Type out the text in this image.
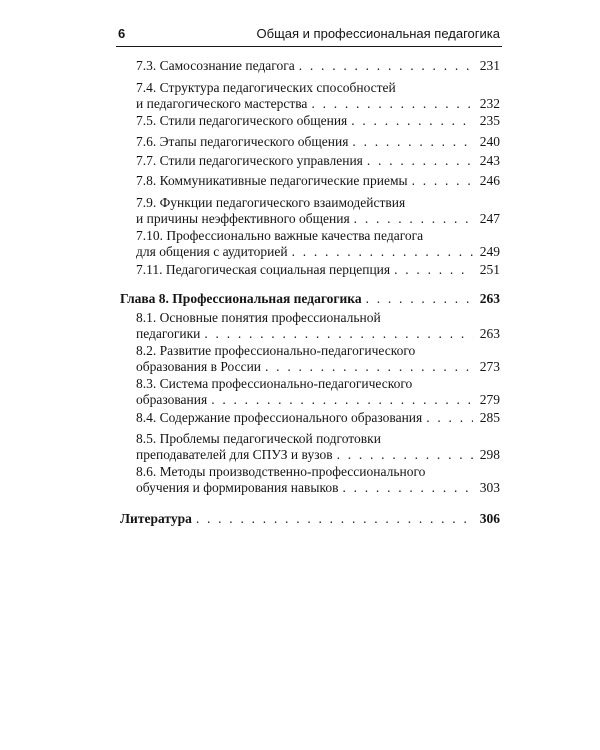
6	Общая и профессиональная педагогика
7.3. Самосознание педагога . . .	231
7.4. Структура педагогических способностей
и педагогического мастерства . . .	232
7.5. Стили педагогического общения . . .	235
7.6. Этапы педагогического общения . . .	240
7.7. Стили педагогического управления . . .	243
7.8. Коммуникативные педагогические приемы . . .	246
7.9. Функции педагогического взаимодействия
и причины неэффективного общения . . .	247
7.10. Профессионально важные качества педагога
для общения с аудиторией . . .	249
7.11. Педагогическая социальная перцепция . . .	251
Глава 8. Профессиональная педагогика . . .	263
8.1. Основные понятия профессиональной
педагогики . . .	263
8.2. Развитие профессионально-педагогического
образования в России . . .	273
8.3. Система профессионально-педагогического
образования . . .	279
8.4. Содержание профессионального образования . . .	285
8.5. Проблемы педагогической подготовки
преподавателей для СПУЗ и вузов . . .	298
8.6. Методы производственно-профессионального
обучения и формирования навыков . . .	303
Литература . . .	306
